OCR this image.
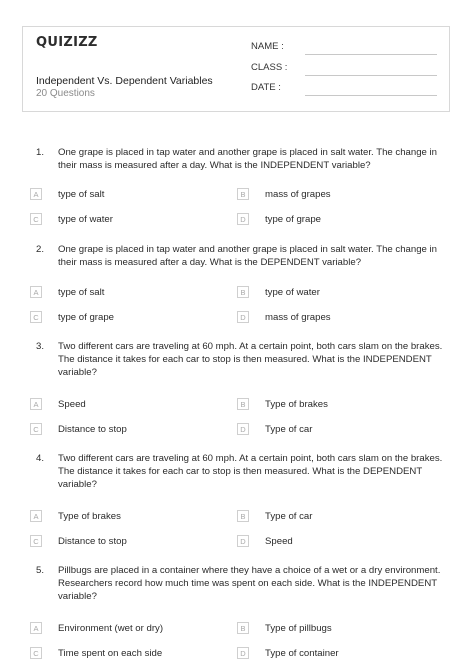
QUIZIZZ
Independent Vs. Dependent Variables
20 Questions
NAME :
CLASS :
DATE :
1.	One grape is placed in tap water and another grape is placed in salt water. The change in their mass is measured after a day. What is the INDEPENDENT variable?
A	type of salt	B	mass of grapes
C	type of water	D	type of grape
2.	One grape is placed in tap water and another grape is placed in salt water. The change in their mass is measured after a day. What is the DEPENDENT variable?
A	type of salt	B	type of water
C	type of grape	D	mass of grapes
3.	Two different cars are traveling at 60 mph. At a certain point, both cars slam on the brakes. The distance it takes for each car to stop is then measured. What is the INDEPENDENT variable?
A	Speed	B	Type of brakes
C	Distance to stop	D	Type of car
4.	Two different cars are traveling at 60 mph. At a certain point, both cars slam on the brakes. The distance it takes for each car to stop is then measured. What is the DEPENDENT variable?
A	Type of brakes	B	Type of car
C	Distance to stop	D	Speed
5.	Pillbugs are placed in a container where they have a choice of a wet or a dry environment. Researchers record how much time was spent on each side. What is the INDEPENDENT variable?
A	Environment (wet or dry)	B	Type of pillbugs
C	Time spent on each side	D	Type of container
